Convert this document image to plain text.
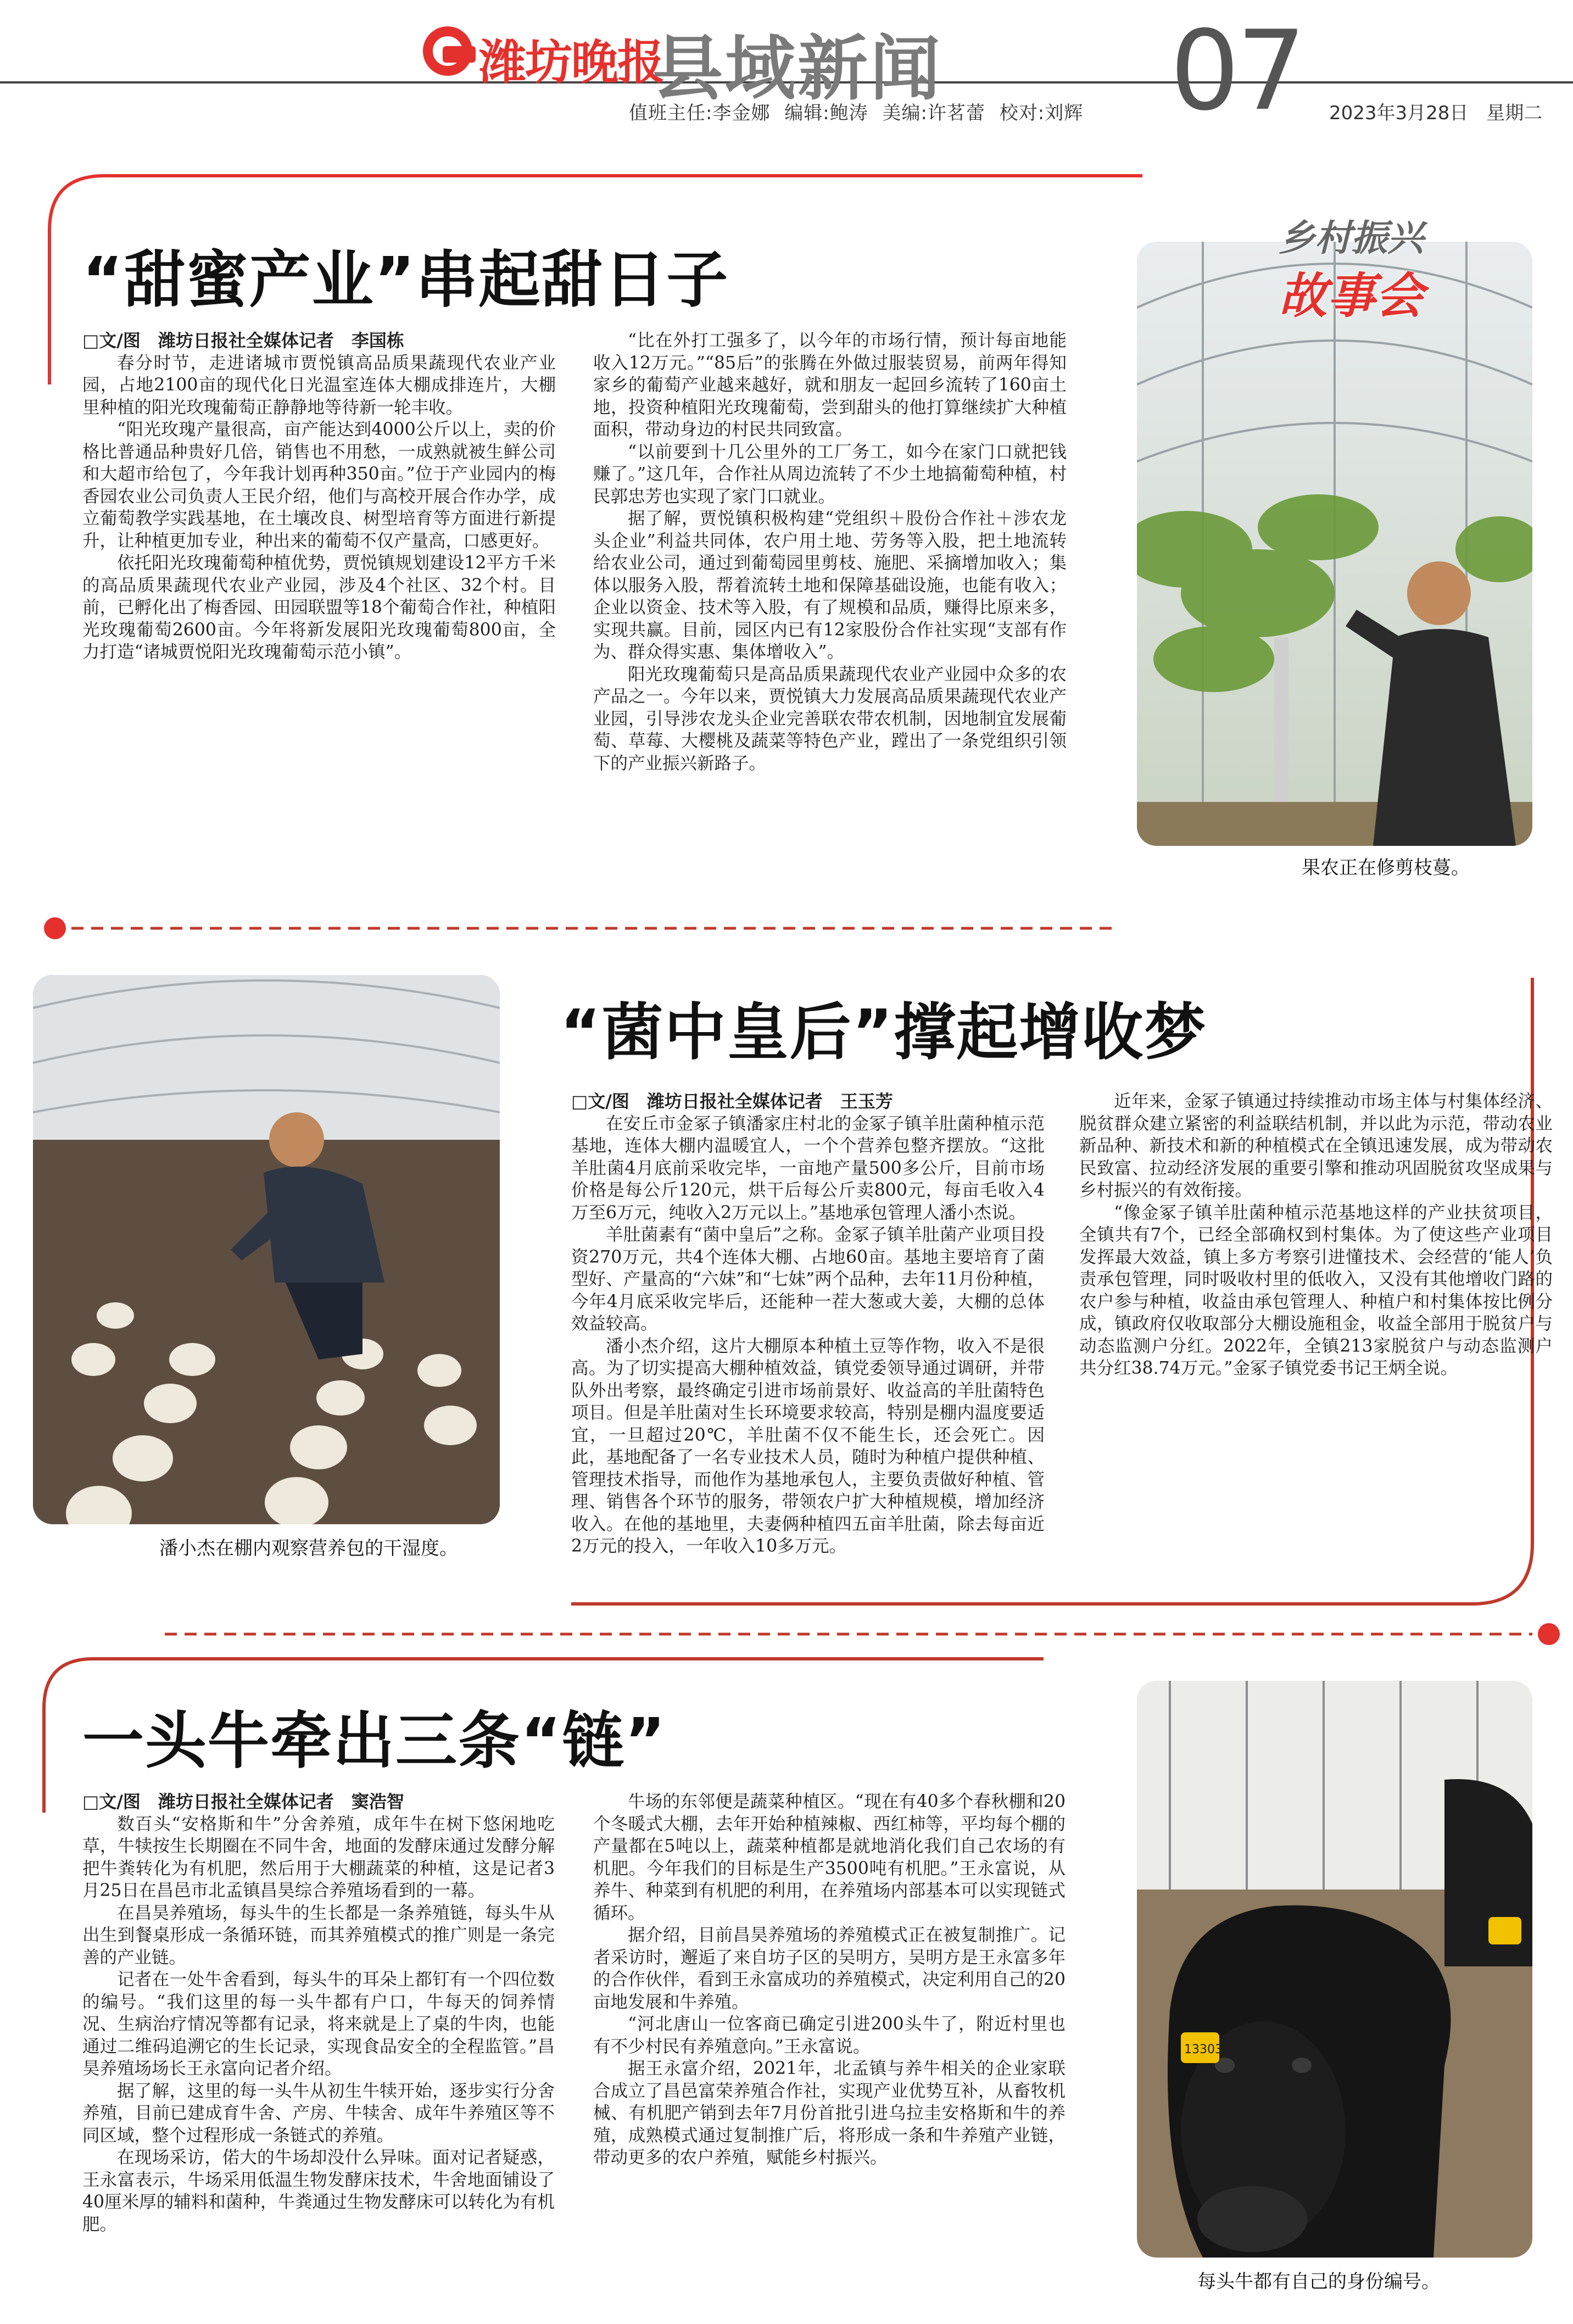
潍坊晚报
县域新闻 07
值班主任:李金娜 编辑:鲍涛 美编:许茗蕾 校对:刘辉	2023年3月28日 星期二
“甜蜜产业”串起甜日子

□文/图　潍坊日报社全媒体记者　李国栋

春分时节，走进诸城市贾悦镇高品质果蔬现代农业产业园，占地2100亩的现代化日光温室连体大棚成排连片，大棚里种植的阳光玫瑰葡萄正静静地等待新一轮丰收。

“阳光玫瑰产量很高，亩产能达到4000公斤以上，卖的价格比普通品种贵好几倍，销售也不用愁，一成熟就被生鲜公司和大超市给包了，今年我计划再种350亩。”位于产业园内的梅香园农业公司负责人王民介绍，他们与高校开展合作办学，成立葡萄教学实践基地，在土壤改良、树型培育等方面进行新提升，让种植更加专业，种出来的葡萄不仅产量高，口感更好。

依托阳光玫瑰葡萄种植优势，贾悦镇规划建设12平方千米的高品质果蔬现代农业产业园，涉及4个社区、32个村。目前，已孵化出了梅香园、田园联盟等18个葡萄合作社，种植阳光玫瑰葡萄2600亩。今年将新发展阳光玫瑰葡萄800亩，全力打造“诸城贾悦阳光玫瑰葡萄示范小镇”。

“比在外打工强多了，以今年的市场行情，预计每亩地能收入12万元。”“85后”的张腾在外做过服装贸易，前两年得知家乡的葡萄产业越来越好，就和朋友一起回乡流转了160亩土地，投资种植阳光玫瑰葡萄，尝到甜头的他打算继续扩大种植面积，带动身边的村民共同致富。

“以前要到十几公里外的工厂务工，如今在家门口就把钱赚了。”这几年，合作社从周边流转了不少土地搞葡萄种植，村民郭忠芳也实现了家门口就业。

据了解，贾悦镇积极构建“党组织＋股份合作社＋涉农龙头企业”利益共同体，农户用土地、劳务等入股，把土地流转给农业公司，通过到葡萄园里剪枝、施肥、采摘增加收入；集体以服务入股，帮着流转土地和保障基础设施，也能有收入；企业以资金、技术等入股，有了规模和品质，赚得比原来多，实现共赢。目前，园区内已有12家股份合作社实现“支部有作为、群众得实惠、集体增收入”。

阳光玫瑰葡萄只是高品质果蔬现代农业产业园中众多的农产品之一。今年以来，贾悦镇大力发展高品质果蔬现代农业产业园，引导涉农龙头企业完善联农带农机制，因地制宜发展葡萄、草莓、大樱桃及蔬菜等特色产业，蹚出了一条党组织引领下的产业振兴新路子。

乡村振兴
故事会
果农正在修剪枝蔓。
潘小杰在棚内观察营养包的干湿度。
“菌中皇后”撑起增收梦

□文/图　潍坊日报社全媒体记者　王玉芳

在安丘市金冢子镇潘家庄村北的金冢子镇羊肚菌种植示范基地，连体大棚内温暖宜人，一个个营养包整齐摆放。“这批羊肚菌4月底前采收完毕，一亩地产量500多公斤，目前市场价格是每公斤120元，烘干后每公斤卖800元，每亩毛收入4万至6万元，纯收入2万元以上。”基地承包管理人潘小杰说。

羊肚菌素有“菌中皇后”之称。金冢子镇羊肚菌产业项目投资270万元，共4个连体大棚、占地60亩。基地主要培育了菌型好、产量高的“六妹”和“七妹”两个品种，去年11月份种植，今年4月底采收完毕后，还能种一茬大葱或大姜，大棚的总体效益较高。

潘小杰介绍，这片大棚原本种植土豆等作物，收入不是很高。为了切实提高大棚种植效益，镇党委领导通过调研，并带队外出考察，最终确定引进市场前景好、收益高的羊肚菌特色项目。但是羊肚菌对生长环境要求较高，特别是棚内温度要适宜，一旦超过20℃，羊肚菌不仅不能生长，还会死亡。因此，基地配备了一名专业技术人员，随时为种植户提供种植、管理技术指导，而他作为基地承包人，主要负责做好种植、管理、销售各个环节的服务，带领农户扩大种植规模，增加经济收入。在他的基地里，夫妻俩种植四五亩羊肚菌，除去每亩近2万元的投入，一年收入10多万元。

近年来，金冢子镇通过持续推动市场主体与村集体经济、脱贫群众建立紧密的利益联结机制，并以此为示范，带动农业新品种、新技术和新的种植模式在全镇迅速发展，成为带动农民致富、拉动经济发展的重要引擎和推动巩固脱贫攻坚成果与乡村振兴的有效衔接。

“像金冢子镇羊肚菌种植示范基地这样的产业扶贫项目，全镇共有7个，已经全部确权到村集体。为了使这些产业项目发挥最大效益，镇上多方考察引进懂技术、会经营的‘能人’负责承包管理，同时吸收村里的低收入，又没有其他增收门路的农户参与种植，收益由承包管理人、种植户和村集体按比例分成，镇政府仅收取部分大棚设施租金，收益全部用于脱贫户与动态监测户分红。2022年，全镇213家脱贫户与动态监测户共分红38.74万元。”金冢子镇党委书记王炳全说。

一头牛牵出三条“链”

□文/图　潍坊日报社全媒体记者　窦浩智

数百头“安格斯和牛”分舍养殖，成年牛在树下悠闲地吃草，牛犊按生长期圈在不同牛舍，地面的发酵床通过发酵分解把牛粪转化为有机肥，然后用于大棚蔬菜的种植，这是记者3月25日在昌邑市北孟镇昌昊综合养殖场看到的一幕。

在昌昊养殖场，每头牛的生长都是一条养殖链，每头牛从出生到餐桌形成一条循环链，而其养殖模式的推广则是一条完善的产业链。

记者在一处牛舍看到，每头牛的耳朵上都钉有一个四位数的编号。“我们这里的每一头牛都有户口，牛每天的饲养情况、生病治疗情况等都有记录，将来就是上了桌的牛肉，也能通过二维码追溯它的生长记录，实现食品安全的全程监管。”昌昊养殖场场长王永富向记者介绍。

据了解，这里的每一头牛从初生牛犊开始，逐步实行分舍养殖，目前已建成育牛舍、产房、牛犊舍、成年牛养殖区等不同区域，整个过程形成一条链式的养殖。

在现场采访，偌大的牛场却没什么异味。面对记者疑惑，王永富表示，牛场采用低温生物发酵床技术，牛舍地面铺设了40厘米厚的辅料和菌种，牛粪通过生物发酵床可以转化为有机肥。

牛场的东邻便是蔬菜种植区。“现在有40多个春秋棚和20个冬暖式大棚，去年开始种植辣椒、西红柿等，平均每个棚的产量都在5吨以上，蔬菜种植都是就地消化我们自己农场的有机肥。今年我们的目标是生产3500吨有机肥。”王永富说，从养牛、种菜到有机肥的利用，在养殖场内部基本可以实现链式循环。

据介绍，目前昌昊养殖场的养殖模式正在被复制推广。记者采访时，邂逅了来自坊子区的吴明方，吴明方是王永富多年的合作伙伴，看到王永富成功的养殖模式，决定利用自己的20亩地发展和牛养殖。

“河北唐山一位客商已确定引进200头牛了，附近村里也有不少村民有养殖意向。”王永富说。

据王永富介绍，2021年，北孟镇与养牛相关的企业家联合成立了昌邑富荣养殖合作社，实现产业优势互补，从畜牧机械、有机肥产销到去年7月份首批引进乌拉圭安格斯和牛的养殖，成熟模式通过复制推广后，将形成一条和牛养殖产业链，带动更多的农户养殖，赋能乡村振兴。

13303
每头牛都有自己的身份编号。
